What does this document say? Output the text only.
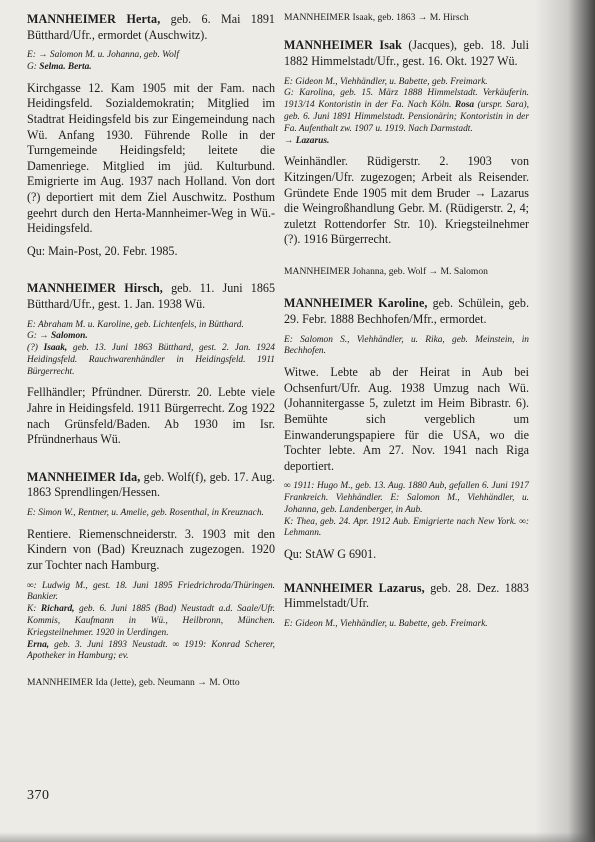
MANNHEIMER Herta, geb. 6. Mai 1891 Bütthard/Ufr., ermordet (Auschwitz).

E: → Salomon M. u. Johanna, geb. Wolf
G: Selma. Berta.

Kirchgasse 12. Kam 1905 mit der Fam. nach Heidingsfeld. Sozialdemokratin; Mitglied im Stadtrat Heidingsfeld bis zur Eingemeindung nach Wü. Anfang 1930. Führende Rolle in der Turngemeinde Heidingsfeld; leitete die Damenriege. Mitglied im jüd. Kulturbund. Emigrierte im Aug. 1937 nach Holland. Von dort (?) deportiert mit dem Ziel Auschwitz. Posthum geehrt durch den Herta-Mannheimer-Weg in Wü.-Heidingsfeld.

Qu: Main-Post, 20. Febr. 1985.

MANNHEIMER Hirsch, geb. 11. Juni 1865 Bütthard/Ufr., gest. 1. Jan. 1938 Wü.

E: Abraham M. u. Karoline, geb. Lichtenfels, in Bütthard.
G: → Salomon.
(?) Isaak, geb. 13. Juni 1863 Bütthard, gest. 2. Jan. 1924 Heidingsfeld. Rauchwarenhändler in Heidingsfeld. 1911 Bürgerrecht.

Fellhändler; Pfründner. Dürerstr. 20. Lebte viele Jahre in Heidingsfeld. 1911 Bürgerrecht. Zog 1922 nach Grünsfeld/Baden. Ab 1930 im Isr. Pfründnerhaus Wü.

MANNHEIMER Ida, geb. Wolf(f), geb. 17. Aug. 1863 Sprendlingen/Hessen.

E: Simon W., Rentner, u. Amelie, geb. Rosenthal, in Kreuznach.

Rentiere. Riemenschneiderstr. 3. 1903 mit den Kindern von (Bad) Kreuznach zugezogen. 1920 zur Tochter nach Hamburg.

∞: Ludwig M., gest. 18. Juni 1895 Friedrichroda/Thüringen. Bankier.
K: Richard, geb. 6. Juni 1885 (Bad) Neustadt a.d. Saale/Ufr. Kommis, Kaufmann in Wü., Heilbronn, München. Kriegsteilnehmer. 1920 in Uerdingen.
Erna, geb. 3. Juni 1893 Neustadt. ∞ 1919: Konrad Scherer, Apotheker in Hamburg; ev.

MANNHEIMER Ida (Jette), geb. Neumann → M. Otto

MANNHEIMER Isaak, geb. 1863 → M. Hirsch

MANNHEIMER Isak (Jacques), geb. 18. Juli 1882 Himmelstadt/Ufr., gest. 16. Okt. 1927 Wü.

E: Gideon M., Viehhändler, u. Babette, geb. Freimark.
G: Karolina, geb. 15. März 1888 Himmelstadt. Verkäuferin. 1913/14 Kontoristin in der Fa. Nach Köln. Rosa (urspr. Sara), geb. 6. Juni 1891 Himmelstadt. Pensionärin; Kontoristin in der Fa. Aufenthalt zw. 1907 u. 1919. Nach Darmstadt.
→ Lazarus.

Weinhändler. Rüdigerstr. 2. 1903 von Kitzingen/Ufr. zugezogen; Arbeit als Reisender. Gründete Ende 1905 mit dem Bruder → Lazarus die Weingroßhandlung Gebr. M. (Rüdigerstr. 2, 4; zuletzt Rottendorfer Str. 10). Kriegsteilnehmer (?). 1916 Bürgerrecht.

MANNHEIMER Johanna, geb. Wolf → M. Salomon

MANNHEIMER Karoline, geb. Schülein, geb. 29. Febr. 1888 Bechhofen/Mfr., ermordet.

E: Salomon S., Viehhändler, u. Rika, geb. Meinstein, in Bechhofen.

Witwe. Lebte ab der Heirat in Aub bei Ochsenfurt/Ufr. Aug. 1938 Umzug nach Wü. (Johannitergasse 5, zuletzt im Heim Bibrastr. 6). Bemühte sich vergeblich um Einwanderungspapiere für die USA, wo die Tochter lebte. Am 27. Nov. 1941 nach Riga deportiert.

∞ 1911: Hugo M., geb. 13. Aug. 1880 Aub, gefallen 6. Juni 1917 Frankreich. Viehhändler. E: Salomon M., Viehhändler, u. Johanna, geb. Landenberger, in Aub.
K: Thea, geb. 24. Apr. 1912 Aub. Emigrierte nach New York. ∞: Lehmann.

Qu: StAW G 6901.

MANNHEIMER Lazarus, geb. 28. Dez. 1883 Himmelstadt/Ufr.

E: Gideon M., Viehhändler, u. Babette, geb. Freimark.

370
